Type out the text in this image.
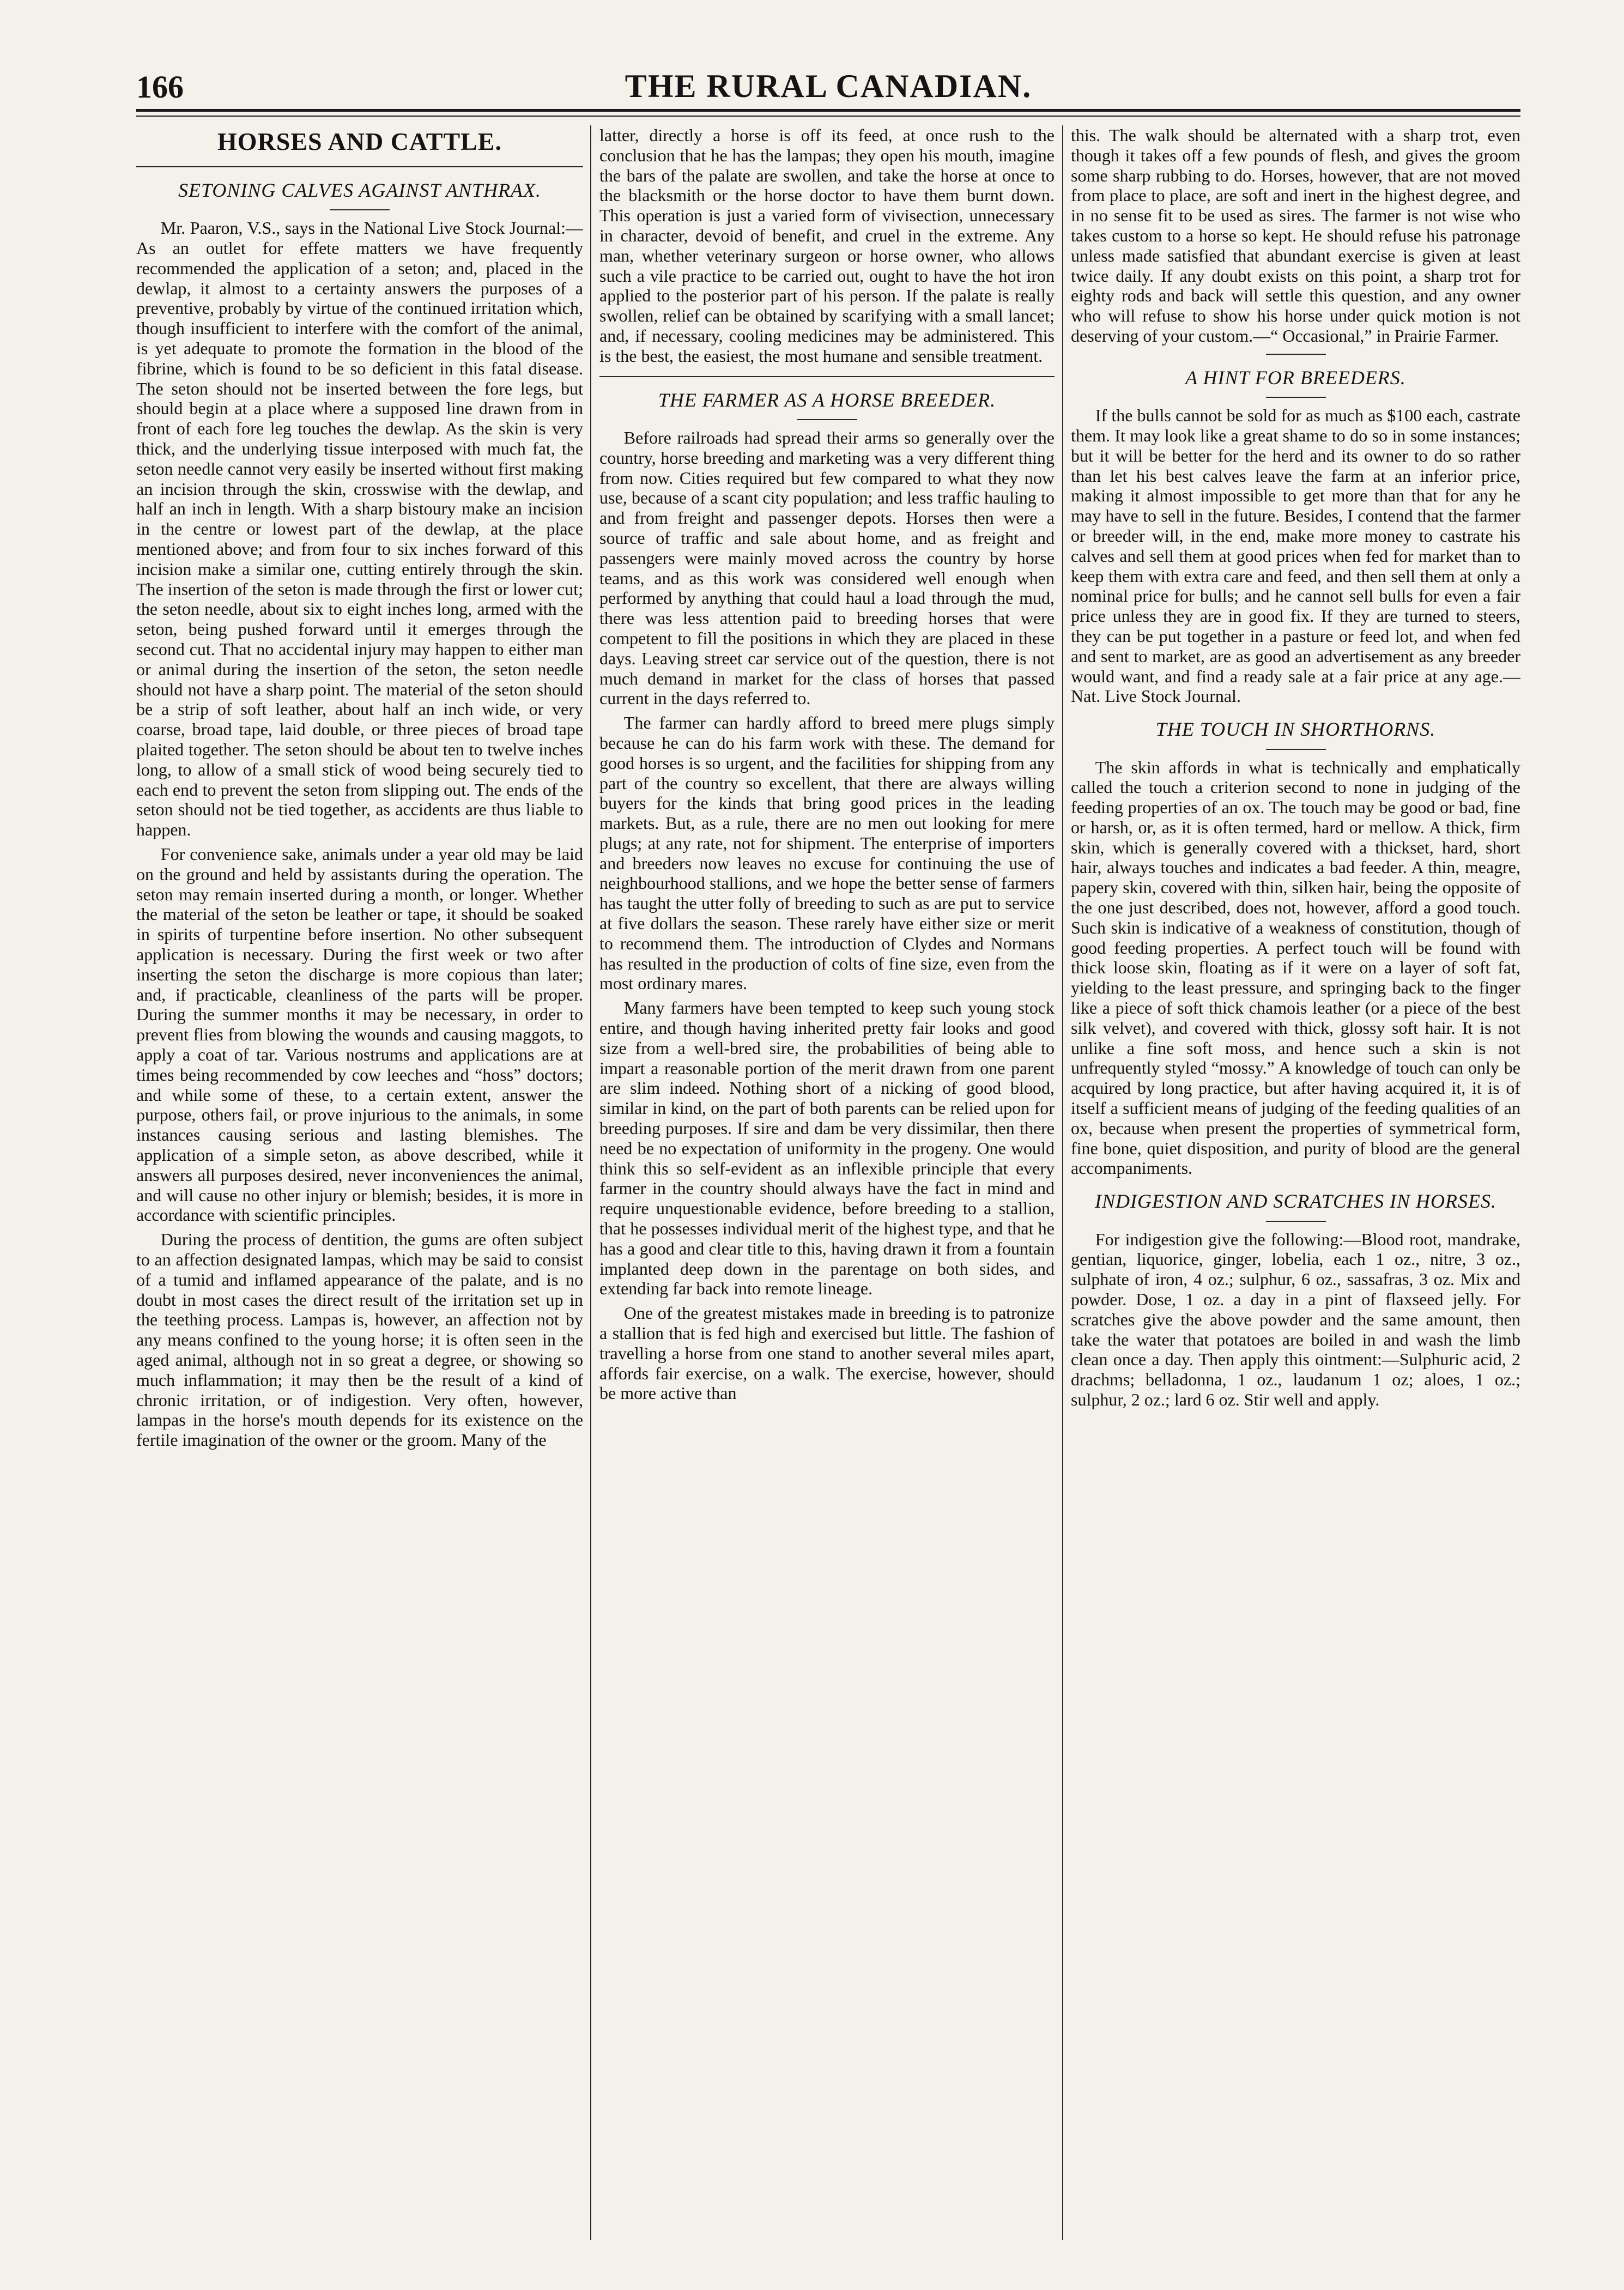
166	THE RURAL CANADIAN.
HORSES AND CATTLE.
SETONING CALVES AGAINST ANTHRAX.

Mr. Paaron, V.S., says in the National Live Stock Journal:—As an outlet for effete matters we have frequently recommended the application of a seton; and, placed in the dewlap, it almost to a certainty answers the purposes of a preventive, probably by virtue of the continued irritation which, though insufficient to interfere with the comfort of the animal, is yet adequate to promote the formation in the blood of the fibrine, which is found to be so deficient in this fatal disease. The seton should not be inserted between the fore legs, but should begin at a place where a supposed line drawn from in front of each fore leg touches the dewlap. As the skin is very thick, and the underlying tissue interposed with much fat, the seton needle cannot very easily be inserted without first making an incision through the skin, crosswise with the dewlap, and half an inch in length. With a sharp bistoury make an incision in the centre or lowest part of the dewlap, at the place mentioned above; and from four to six inches forward of this incision make a similar one, cutting entirely through the skin. The insertion of the seton is made through the first or lower cut; the seton needle, about six to eight inches long, armed with the seton, being pushed forward until it emerges through the second cut. That no accidental injury may happen to either man or animal during the insertion of the seton, the seton needle should not have a sharp point. The material of the seton should be a strip of soft leather, about half an inch wide, or very coarse, broad tape, laid double, or three pieces of broad tape plaited together. The seton should be about ten to twelve inches long, to allow of a small stick of wood being securely tied to each end to prevent the seton from slipping out. The ends of the seton should not be tied together, as accidents are thus liable to happen.

For convenience sake, animals under a year old may be laid on the ground and held by assistants during the operation. The seton may remain inserted during a month, or longer. Whether the material of the seton be leather or tape, it should be soaked in spirits of turpentine before insertion. No other subsequent application is necessary. During the first week or two after inserting the seton the discharge is more copious than later; and, if practicable, cleanliness of the parts will be proper. During the summer months it may be necessary, in order to prevent flies from blowing the wounds and causing maggots, to apply a coat of tar. Various nostrums and applications are at times being recommended by cow leeches and “hoss” doctors; and while some of these, to a certain extent, answer the purpose, others fail, or prove injurious to the animals, in some instances causing serious and lasting blemishes. The application of a simple seton, as above described, while it answers all purposes desired, never inconveniences the animal, and will cause no other injury or blemish; besides, it is more in accordance with scientific principles.

During the process of dentition, the gums are often subject to an affection designated lampas, which may be said to consist of a tumid and inflamed appearance of the palate, and is no doubt in most cases the direct result of the irritation set up in the teething process. Lampas is, however, an affection not by any means confined to the young horse; it is often seen in the aged animal, although not in so great a degree, or showing so much inflammation; it may then be the result of a kind of chronic irritation, or of indigestion. Very often, however, lampas in the horse's mouth depends for its existence on the fertile imagination of the owner or the groom. Many of the

latter, directly a horse is off its feed, at once rush to the conclusion that he has the lampas; they open his mouth, imagine the bars of the palate are swollen, and take the horse at once to the blacksmith or the horse doctor to have them burnt down. This operation is just a varied form of vivisection, unnecessary in character, devoid of benefit, and cruel in the extreme. Any man, whether veterinary surgeon or horse owner, who allows such a vile practice to be carried out, ought to have the hot iron applied to the posterior part of his person. If the palate is really swollen, relief can be obtained by scarifying with a small lancet; and, if necessary, cooling medicines may be administered. This is the best, the easiest, the most humane and sensible treatment.

THE FARMER AS A HORSE BREEDER.

Before railroads had spread their arms so generally over the country, horse breeding and marketing was a very different thing from now. Cities required but few compared to what they now use, because of a scant city population; and less traffic hauling to and from freight and passenger depots. Horses then were a source of traffic and sale about home, and as freight and passengers were mainly moved across the country by horse teams, and as this work was considered well enough when performed by anything that could haul a load through the mud, there was less attention paid to breeding horses that were competent to fill the positions in which they are placed in these days. Leaving street car service out of the question, there is not much demand in market for the class of horses that passed current in the days referred to.

The farmer can hardly afford to breed mere plugs simply because he can do his farm work with these. The demand for good horses is so urgent, and the facilities for shipping from any part of the country so excellent, that there are always willing buyers for the kinds that bring good prices in the leading markets. But, as a rule, there are no men out looking for mere plugs; at any rate, not for shipment. The enterprise of importers and breeders now leaves no excuse for continuing the use of neighbourhood stallions, and we hope the better sense of farmers has taught the utter folly of breeding to such as are put to service at five dollars the season. These rarely have either size or merit to recommend them. The introduction of Clydes and Normans has resulted in the production of colts of fine size, even from the most ordinary mares.

Many farmers have been tempted to keep such young stock entire, and though having inherited pretty fair looks and good size from a well-bred sire, the probabilities of being able to impart a reasonable portion of the merit drawn from one parent are slim indeed. Nothing short of a nicking of good blood, similar in kind, on the part of both parents can be relied upon for breeding purposes. If sire and dam be very dissimilar, then there need be no expectation of uniformity in the progeny. One would think this so self-evident as an inflexible principle that every farmer in the country should always have the fact in mind and require unquestionable evidence, before breeding to a stallion, that he possesses individual merit of the highest type, and that he has a good and clear title to this, having drawn it from a fountain implanted deep down in the parentage on both sides, and extending far back into remote lineage.

One of the greatest mistakes made in breeding is to patronize a stallion that is fed high and exercised but little. The fashion of travelling a horse from one stand to another several miles apart, affords fair exercise, on a walk. The exercise, however, should be more active than

this. The walk should be alternated with a sharp trot, even though it takes off a few pounds of flesh, and gives the groom some sharp rubbing to do. Horses, however, that are not moved from place to place, are soft and inert in the highest degree, and in no sense fit to be used as sires. The farmer is not wise who takes custom to a horse so kept. He should refuse his patronage unless made satisfied that abundant exercise is given at least twice daily. If any doubt exists on this point, a sharp trot for eighty rods and back will settle this question, and any owner who will refuse to show his horse under quick motion is not deserving of your custom.—“ Occasional,” in Prairie Farmer.

A HINT FOR BREEDERS.

If the bulls cannot be sold for as much as $100 each, castrate them. It may look like a great shame to do so in some instances; but it will be better for the herd and its owner to do so rather than let his best calves leave the farm at an inferior price, making it almost impossible to get more than that for any he may have to sell in the future. Besides, I contend that the farmer or breeder will, in the end, make more money to castrate his calves and sell them at good prices when fed for market than to keep them with extra care and feed, and then sell them at only a nominal price for bulls; and he cannot sell bulls for even a fair price unless they are in good fix. If they are turned to steers, they can be put together in a pasture or feed lot, and when fed and sent to market, are as good an advertisement as any breeder would want, and find a ready sale at a fair price at any age.—Nat. Live Stock Journal.

THE TOUCH IN SHORTHORNS.

The skin affords in what is technically and emphatically called the touch a criterion second to none in judging of the feeding properties of an ox. The touch may be good or bad, fine or harsh, or, as it is often termed, hard or mellow. A thick, firm skin, which is generally covered with a thickset, hard, short hair, always touches and indicates a bad feeder. A thin, meagre, papery skin, covered with thin, silken hair, being the opposite of the one just described, does not, however, afford a good touch. Such skin is indicative of a weakness of constitution, though of good feeding properties. A perfect touch will be found with thick loose skin, floating as if it were on a layer of soft fat, yielding to the least pressure, and springing back to the finger like a piece of soft thick chamois leather (or a piece of the best silk velvet), and covered with thick, glossy soft hair. It is not unlike a fine soft moss, and hence such a skin is not unfrequently styled “mossy.” A knowledge of touch can only be acquired by long practice, but after having acquired it, it is of itself a sufficient means of judging of the feeding qualities of an ox, because when present the properties of symmetrical form, fine bone, quiet disposition, and purity of blood are the general accompaniments.

INDIGESTION AND SCRATCHES IN HORSES.

For indigestion give the following:—Blood root, mandrake, gentian, liquorice, ginger, lobelia, each 1 oz., nitre, 3 oz., sulphate of iron, 4 oz.; sulphur, 6 oz., sassafras, 3 oz. Mix and powder. Dose, 1 oz. a day in a pint of flaxseed jelly. For scratches give the above powder and the same amount, then take the water that potatoes are boiled in and wash the limb clean once a day. Then apply this ointment:—Sulphuric acid, 2 drachms; belladonna, 1 oz., laudanum 1 oz; aloes, 1 oz.; sulphur, 2 oz.; lard 6 oz. Stir well and apply.
